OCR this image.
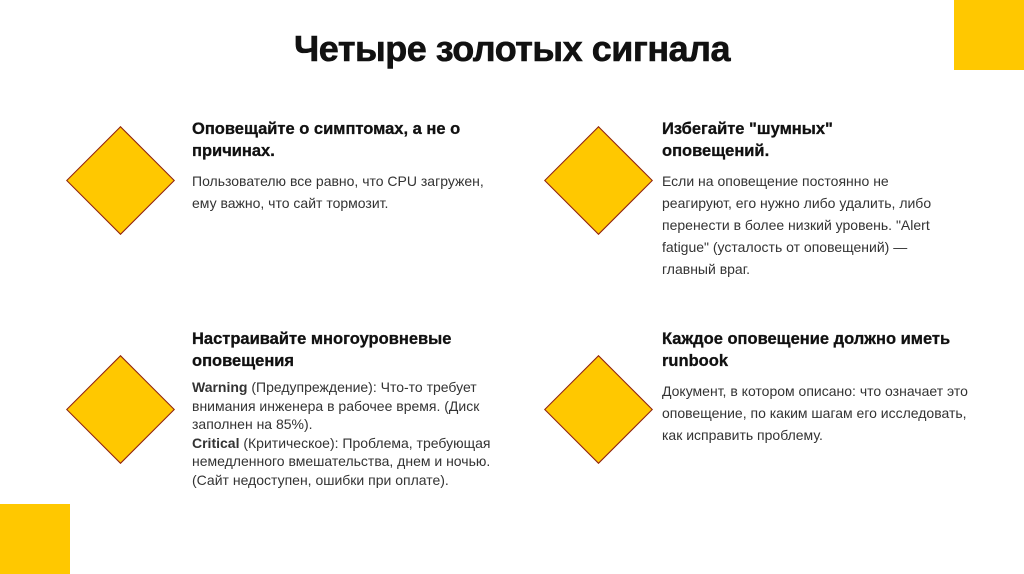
Четыре золотых сигнала
Оповещайте о симптомах, а не о причинах.

Пользователю все равно, что CPU загружен, ему важно, что сайт тормозит.

Избегайте "шумных" оповещений.

Если на оповещение постоянно не реагируют, его нужно либо удалить, либо перенести в более низкий уровень. "Alert fatigue" (усталость от оповещений) — главный враг.

Настраивайте многоуровневые оповещения
Warning (Предупреждение): Что-то требует внимания инженера в рабочее время. (Диск заполнен на 85%).
Critical (Критическое): Проблема, требующая немедленного вмешательства, днем и ночью. (Сайт недоступен, ошибки при оплате).
Каждое оповещение должно иметь runbook

Документ, в котором описано: что означает это оповещение, по каким шагам его исследовать, как исправить проблему.
